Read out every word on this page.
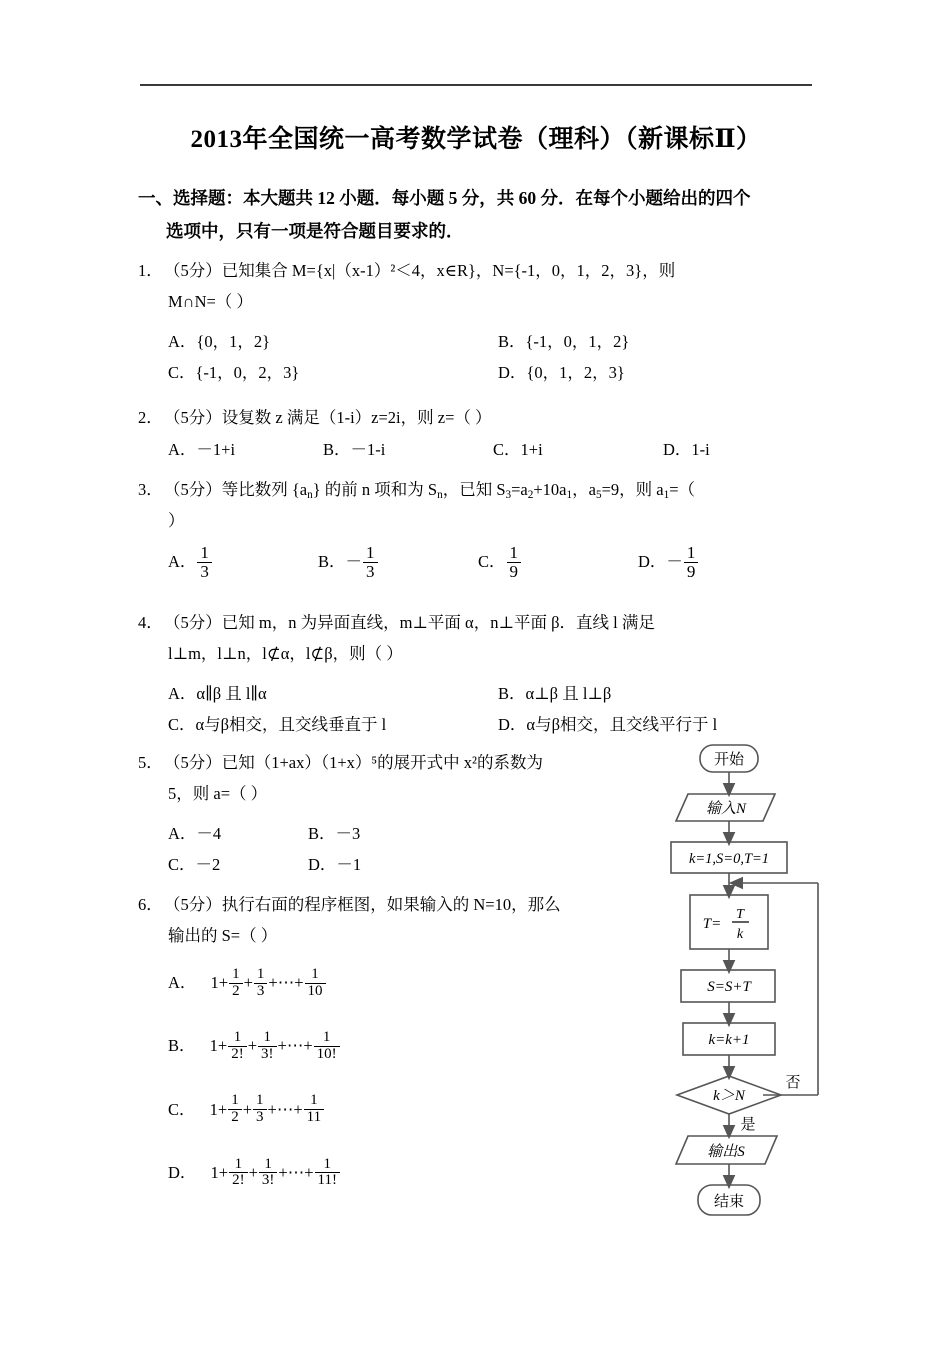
2013年全国统一高考数学试卷（理科）（新课标Ⅱ）
一、选择题：本大题共 12 小题．每小题 5 分，共 60 分．在每个小题给出的四个
选项中，只有一项是符合题目要求的．
1．（5分）已知集合 M={x|（x‑1）²＜4，x∈R}，N={‑1，0，1，2，3}，则
M∩N=（ ）
A．{0，1，2}	B．{‑1，0，1，2}
C．{‑1，0，2，3}	D．{0，1，2，3}
2．（5分）设复数 z 满足（1‑i）z=2i，则 z=（ ）
A．－1+i	B．－1‑i	C．1+i	D．1‑i
3．（5分）等比数列 $\{a_n\}$ 的前 n 项和为 $S_n$，已知 $S_3=a_2+10a_1$，$a_5=9$，则 $a_1=$（
）
A． $\frac{1}{3}$	B．－ $\frac{1}{3}$	C． $\frac{1}{9}$	D．－ $\frac{1}{9}$
4．（5分）已知 m，n 为异面直线，m⊥平面 α，n⊥平面 β．直线 l 满足
l⊥m，l⊥n，l⊄α，l⊄β，则（ ）
A．α∥β 且 l∥α	B．α⊥β 且 l⊥β
C．α与β相交，且交线垂直于 l	D．α与β相交，且交线平行于 l
5．（5分）已知（1+ax）（1+x）⁵的展开式中 x²的系数为
5，则 a=（ ）
A．－4	B．－3
C．－2	D．－1
6．（5分）执行右面的程序框图，如果输入的 N=10，那么
输出的 S=（ ）
A． $1+ \frac{1}{2} + \frac{1}{3}$ +⋯+ $\frac{1}{10}$
B． $1+ \frac{1}{2!} + \frac{1}{3!}$ +⋯+ $\frac{1}{10!}$
C． $1+ \frac{1}{2} + \frac{1}{3}$ +⋯+ $\frac{1}{11}$
D． $1+ \frac{1}{2!} + \frac{1}{3!}$ +⋯+ $\frac{1}{11!}$
开始
输入N
k=1,S=0,T=1
T=
T
k
S=S+T
k=k+1
k＞N
否
是
输出S
结束
